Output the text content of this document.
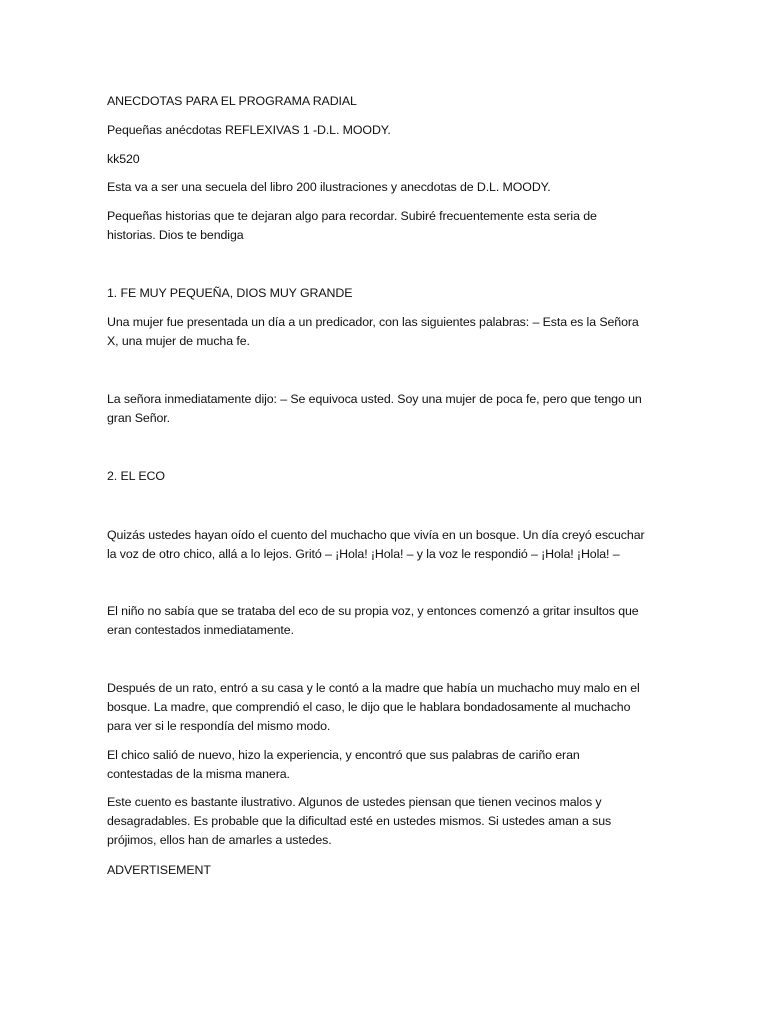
ANECDOTAS PARA EL PROGRAMA RADIAL

Pequeñas anécdotas REFLEXIVAS 1 -D.L. MOODY.

kk520

Esta va a ser una secuela del libro 200 ilustraciones y anecdotas de D.L. MOODY.

Pequeñas historias que te dejaran algo para recordar. Subiré frecuentemente esta seria de

historias. Dios te bendiga

1. FE MUY PEQUEÑA, DIOS MUY GRANDE

Una mujer fue presentada un día a un predicador, con las siguientes palabras: – Esta es la Señora

X, una mujer de mucha fe.

La señora inmediatamente dijo: – Se equivoca usted. Soy una mujer de poca fe, pero que tengo un

gran Señor.

2. EL ECO

Quizás ustedes hayan oído el cuento del muchacho que vivía en un bosque. Un día creyó escuchar

la voz de otro chico, allá a lo lejos. Gritó – ¡Hola! ¡Hola! – y la voz le respondió – ¡Hola! ¡Hola! –

El niño no sabía que se trataba del eco de su propia voz, y entonces comenzó a gritar insultos que

eran contestados inmediatamente.

Después de un rato, entró a su casa y le contó a la madre que había un muchacho muy malo en el

bosque. La madre, que comprendió el caso, le dijo que le hablara bondadosamente al muchacho

para ver si le respondía del mismo modo.

El chico salió de nuevo, hizo la experiencia, y encontró que sus palabras de cariño eran

contestadas de la misma manera.

Este cuento es bastante ilustrativo. Algunos de ustedes piensan que tienen vecinos malos y

desagradables. Es probable que la dificultad esté en ustedes mismos. Si ustedes aman a sus

prójimos, ellos han de amarles a ustedes.

ADVERTISEMENT
